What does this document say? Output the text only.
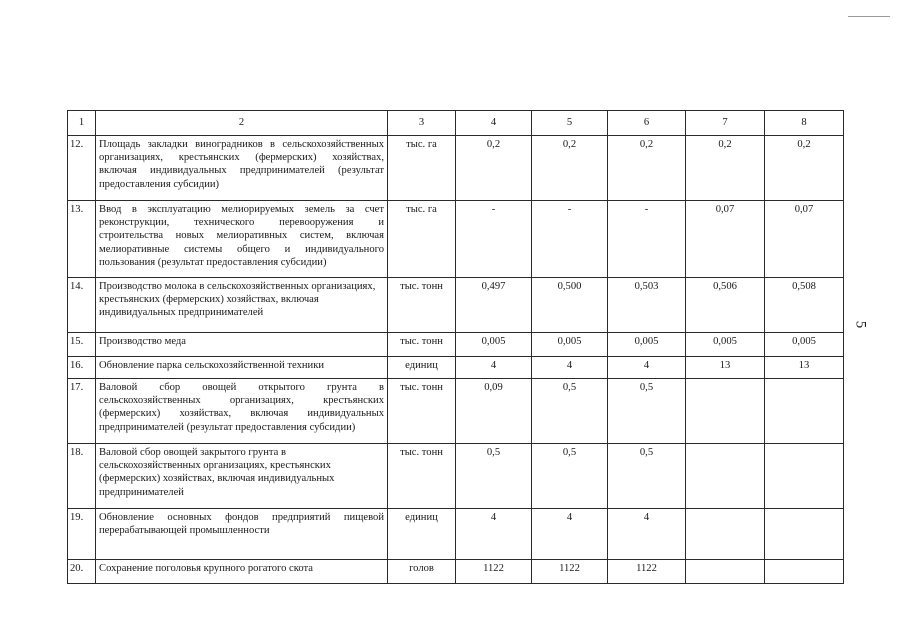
5
1	2	3	4	5	6	7	8
12.	Площадь закладки виноградников в сельскохозяйственных организациях, крестьянских (фермерских) хозяйствах, включая индивидуальных предпринимателей (результат предоставления субсидии)	тыс. га	0,2	0,2	0,2	0,2	0,2
13.	Ввод в эксплуатацию мелиорируемых земель за счет реконструкции, технического перевооружения и строительства новых мелиоративных систем, включая мелиоративные системы общего и индивидуального пользования (результат предоставления субсидии)	тыс. га	-	-	-	0,07	0,07
14.	Производство молока в сельскохозяйственных организациях, крестьянских (фермерских) хозяйствах, включая индивидуальных предпринимателей	тыс. тонн	0,497	0,500	0,503	0,506	0,508
15.	Производство меда	тыс. тонн	0,005	0,005	0,005	0,005	0,005
16.	Обновление парка сельскохозяйственной техники	единиц	4	4	4	13	13
17.	Валовой сбор овощей открытого грунта в сельскохозяйственных организациях, крестьянских (фермерских) хозяйствах, включая индивидуальных предпринимателей (результат предоставления субсидии)	тыс. тонн	0,09	0,5	0,5		
18.	Валовой сбор овощей закрытого грунта в сельскохозяйственных организациях, крестьянских (фермерских) хозяйствах, включая индивидуальных предпринимателей	тыс. тонн	0,5	0,5	0,5		
19.	Обновление основных фондов предприятий пищевой перерабатывающей промышленности	единиц	4	4	4		
20.	Сохранение поголовья крупного рогатого скота	голов	1122	1122	1122		
